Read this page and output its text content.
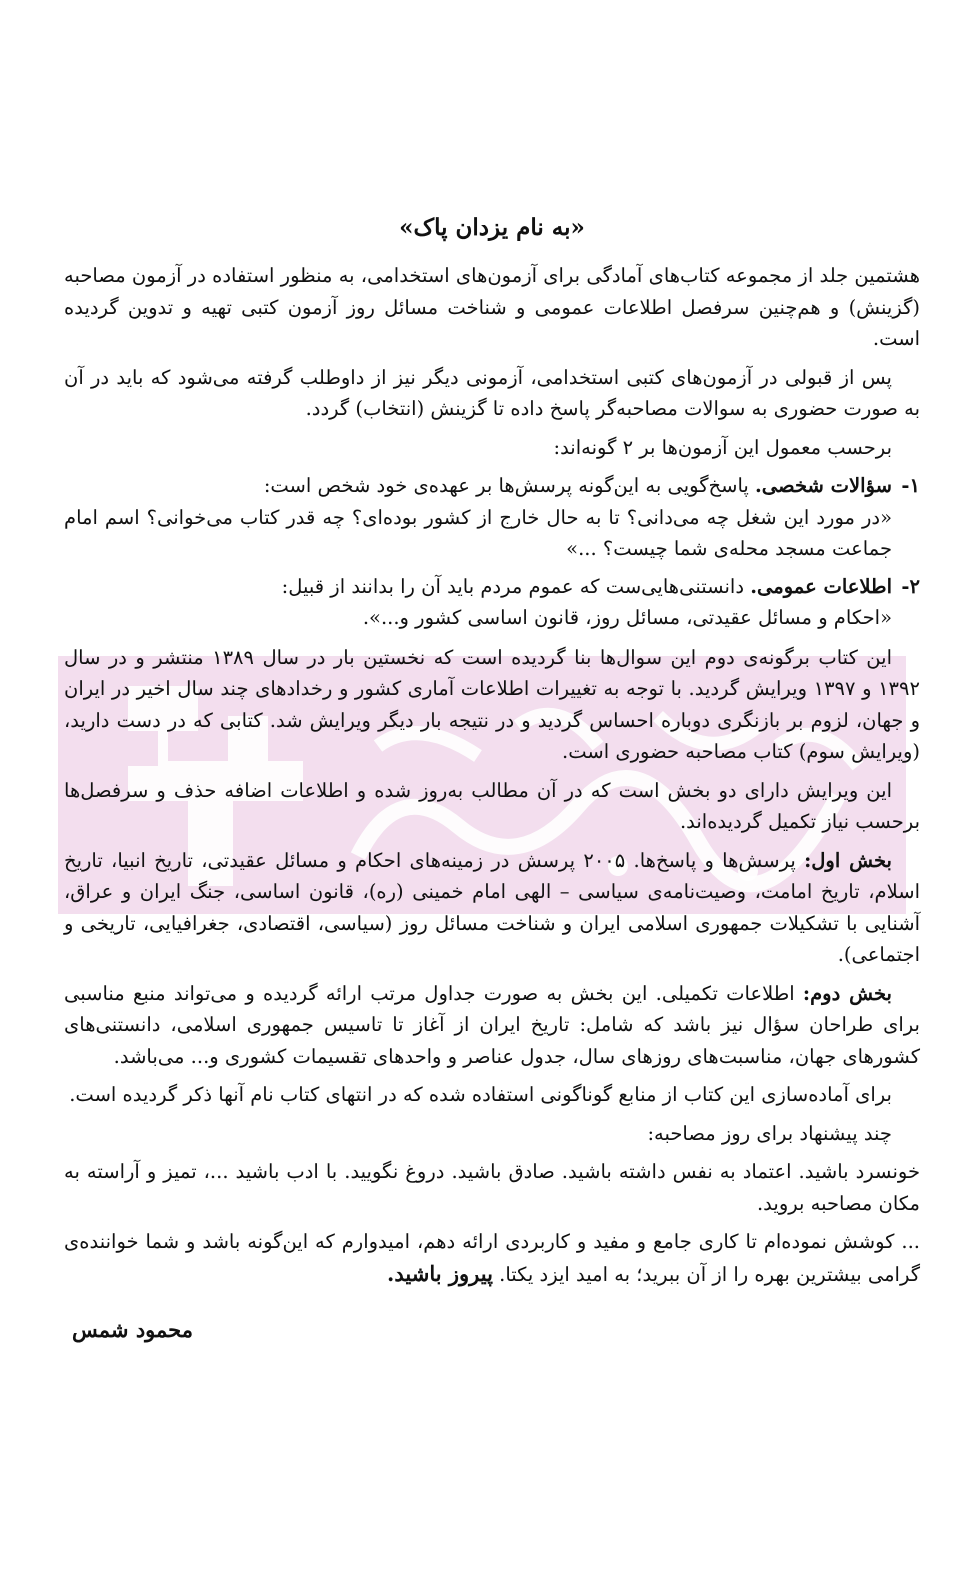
«به نام یزدان پاک»

هشتمین جلد از مجموعه کتاب‌های آمادگی برای آزمون‌های استخدامی، به منظور استفاده در آزمون مصاحبه (گزینش) و هم‌چنین سرفصل اطلاعات عمومی و شناخت مسائل روز آزمون کتبی تهیه و تدوین گردیده است.

پس از قبولی در آزمون‌های کتبی استخدامی، آزمونی دیگر نیز از داوطلب گرفته می‌شود که باید در آن به صورت حضوری به سوالات مصاحبه‌گر پاسخ داده تا گزینش (انتخاب) گردد.

برحسب معمول این آزمون‌ها بر ۲ گونه‌اند:

۱-
سؤالات شخصی. پاسخ‌گویی به این‌گونه پرسش‌ها بر عهده‌ی خود شخص است:
«در مورد این شغل چه می‌دانی؟ تا به حال خارج از کشور بوده‌ای؟ چه قدر کتاب می‌خوانی؟ اسم امام جماعت مسجد محله‌ی شما چیست؟ ...»
۲-
اطلاعات عمومی. دانستنی‌هایی‌ست که عموم مردم باید آن را بدانند از قبیل:
«احکام و مسائل عقیدتی، مسائل روز، قانون اساسی کشور و...».

این کتاب برگونه‌ی دوم این سوال‌ها بنا گردیده است که نخستین بار در سال ۱۳۸۹ منتشر و در سال ۱۳۹۲ و ۱۳۹۷ ویرایش گردید. با توجه به تغییرات اطلاعات آماری کشور و رخدادهای چند سال اخیر در ایران و جهان، لزوم بر بازنگری دوباره احساس گردید و در نتیجه بار دیگر ویرایش شد. کتابی که در دست دارید، (ویرایش سوم) کتاب مصاحبه حضوری است.

این ویرایش دارای دو بخش است که در آن مطالب به‌روز شده و اطلاعات اضافه حذف و سرفصل‌ها برحسب نیاز تکمیل گردیده‌اند.

بخش اول: پرسش‌ها و پاسخ‌ها. ۲۰۰۵ پرسش در زمینه‌های احکام و مسائل عقیدتی، تاریخ انبیا، تاریخ اسلام، تاریخ امامت، وصیت‌نامه‌ی سیاسی – الهی امام خمینی (ره)، قانون اساسی، جنگ ایران و عراق، آشنایی با تشکیلات جمهوری اسلامی ایران و شناخت مسائل روز (سیاسی، اقتصادی، جغرافیایی، تاریخی و اجتماعی).

بخش دوم: اطلاعات تکمیلی. این بخش به صورت جداول مرتب ارائه گردیده و می‌تواند منبع مناسبی برای طراحان سؤال نیز باشد که شامل: تاریخ ایران از آغاز تا تاسیس جمهوری اسلامی، دانستنی‌های کشورهای جهان، مناسبت‌های روزهای سال، جدول عناصر و واحدهای تقسیمات کشوری و... می‌باشد.

برای آماده‌سازی این کتاب از منابع گوناگونی استفاده شده که در انتهای کتاب نام آنها ذکر گردیده است.

چند پیشنهاد برای روز مصاحبه:

خونسرد باشید. اعتماد به نفس داشته باشید. صادق باشید. دروغ نگویید. با ادب باشید ...، تمیز و آراسته به مکان مصاحبه بروید.

... کوشش نموده‌ام تا کاری جامع و مفید و کاربردی ارائه دهم، امیدوارم که این‌گونه باشد و شما خواننده‌ی گرامی بیشترین بهره را از آن ببرید؛ به امید ایزد یکتا. پیروز باشید.

محمود شمس
